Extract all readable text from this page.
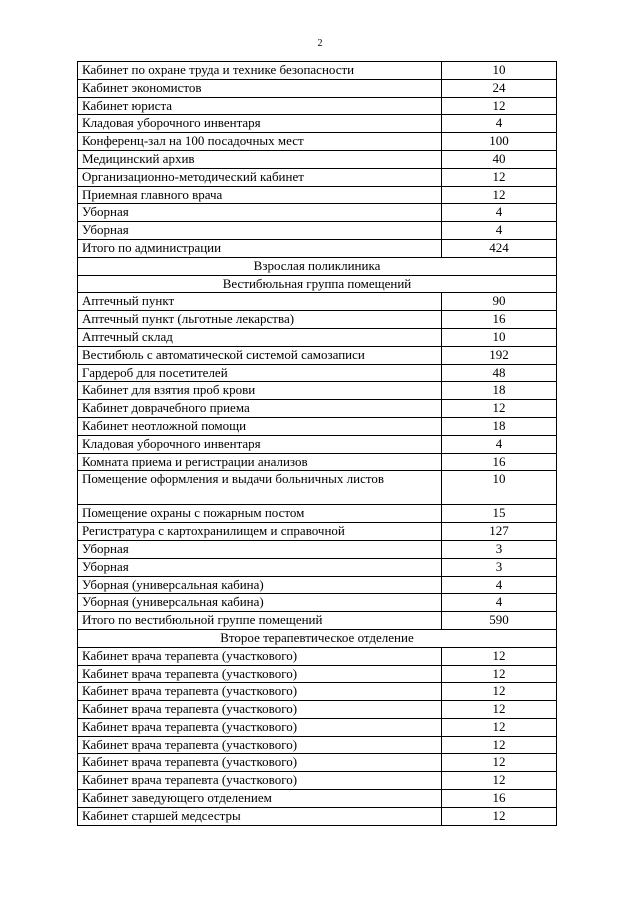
2
Кабинет по охране труда и технике безопасности	10
Кабинет экономистов	24
Кабинет юриста	12
Кладовая уборочного инвентаря	4
Конференц-зал на 100 посадочных мест	100
Медицинский архив	40
Организационно-методический кабинет	12
Приемная главного врача	12
Уборная	4
Уборная	4
Итого по администрации	424
Взрослая поликлиника	
Вестибюльная группа помещений	
Аптечный пункт	90
Аптечный пункт (льготные лекарства)	16
Аптечный склад	10
Вестибюль с автоматической системой самозаписи	192
Гардероб для посетителей	48
Кабинет для взятия проб крови	18
Кабинет доврачебного приема	12
Кабинет неотложной помощи	18
Кладовая уборочного инвентаря	4
Комната приема и регистрации анализов	16
Помещение оформления и выдачи больничных листов	10
Помещение охраны с пожарным постом	15
Регистратура с картохранилищем и справочной	127
Уборная	3
Уборная	3
Уборная (универсальная кабина)	4
Уборная (универсальная кабина)	4
Итого по вестибюльной группе помещений	590
Второе терапевтическое отделение	
Кабинет врача терапевта (участкового)	12
Кабинет врача терапевта (участкового)	12
Кабинет врача терапевта (участкового)	12
Кабинет врача терапевта (участкового)	12
Кабинет врача терапевта (участкового)	12
Кабинет врача терапевта (участкового)	12
Кабинет врача терапевта (участкового)	12
Кабинет врача терапевта (участкового)	12
Кабинет заведующего отделением	16
Кабинет старшей медсестры	12
